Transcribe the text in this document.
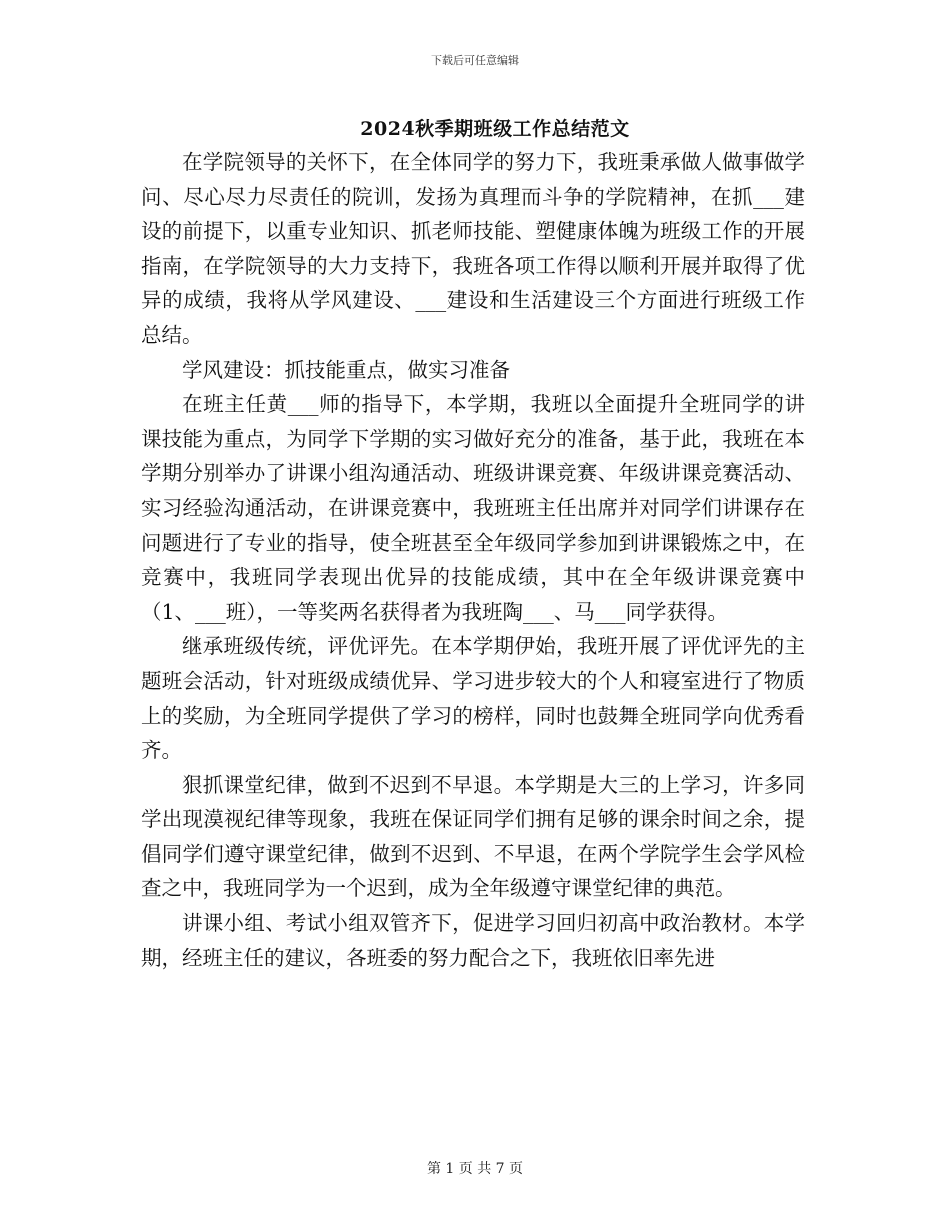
下载后可任意编辑
2024秋季期班级工作总结范文

在学院领导的关怀下，在全体同学的努力下，我班秉承做人做事做学问、尽心尽力尽责任的院训，发扬为真理而斗争的学院精神，在抓___建设的前提下，以重专业知识、抓老师技能、塑健康体魄为班级工作的开展指南，在学院领导的大力支持下，我班各项工作得以顺利开展并取得了优异的成绩，我将从学风建设、___建设和生活建设三个方面进行班级工作总结。

学风建设：抓技能重点，做实习准备

在班主任黄___师的指导下，本学期，我班以全面提升全班同学的讲课技能为重点，为同学下学期的实习做好充分的准备，基于此，我班在本学期分别举办了讲课小组沟通活动、班级讲课竞赛、年级讲课竞赛活动、实习经验沟通活动，在讲课竞赛中，我班班主任出席并对同学们讲课存在问题进行了专业的指导，使全班甚至全年级同学参加到讲课锻炼之中，在竞赛中，我班同学表现出优异的技能成绩，其中在全年级讲课竞赛中（1、___班），一等奖两名获得者为我班陶___、马___同学获得。

继承班级传统，评优评先。在本学期伊始，我班开展了评优评先的主题班会活动，针对班级成绩优异、学习进步较大的个人和寝室进行了物质上的奖励，为全班同学提供了学习的榜样，同时也鼓舞全班同学向优秀看齐。

狠抓课堂纪律，做到不迟到不早退。本学期是大三的上学习，许多同学出现漠视纪律等现象，我班在保证同学们拥有足够的课余时间之余，提倡同学们遵守课堂纪律，做到不迟到、不早退，在两个学院学生会学风检查之中，我班同学为一个迟到，成为全年级遵守课堂纪律的典范。

讲课小组、考试小组双管齐下，促进学习回归初高中政治教材。本学期，经班主任的建议，各班委的努力配合之下，我班依旧率先进

第 1 页 共 7 页
